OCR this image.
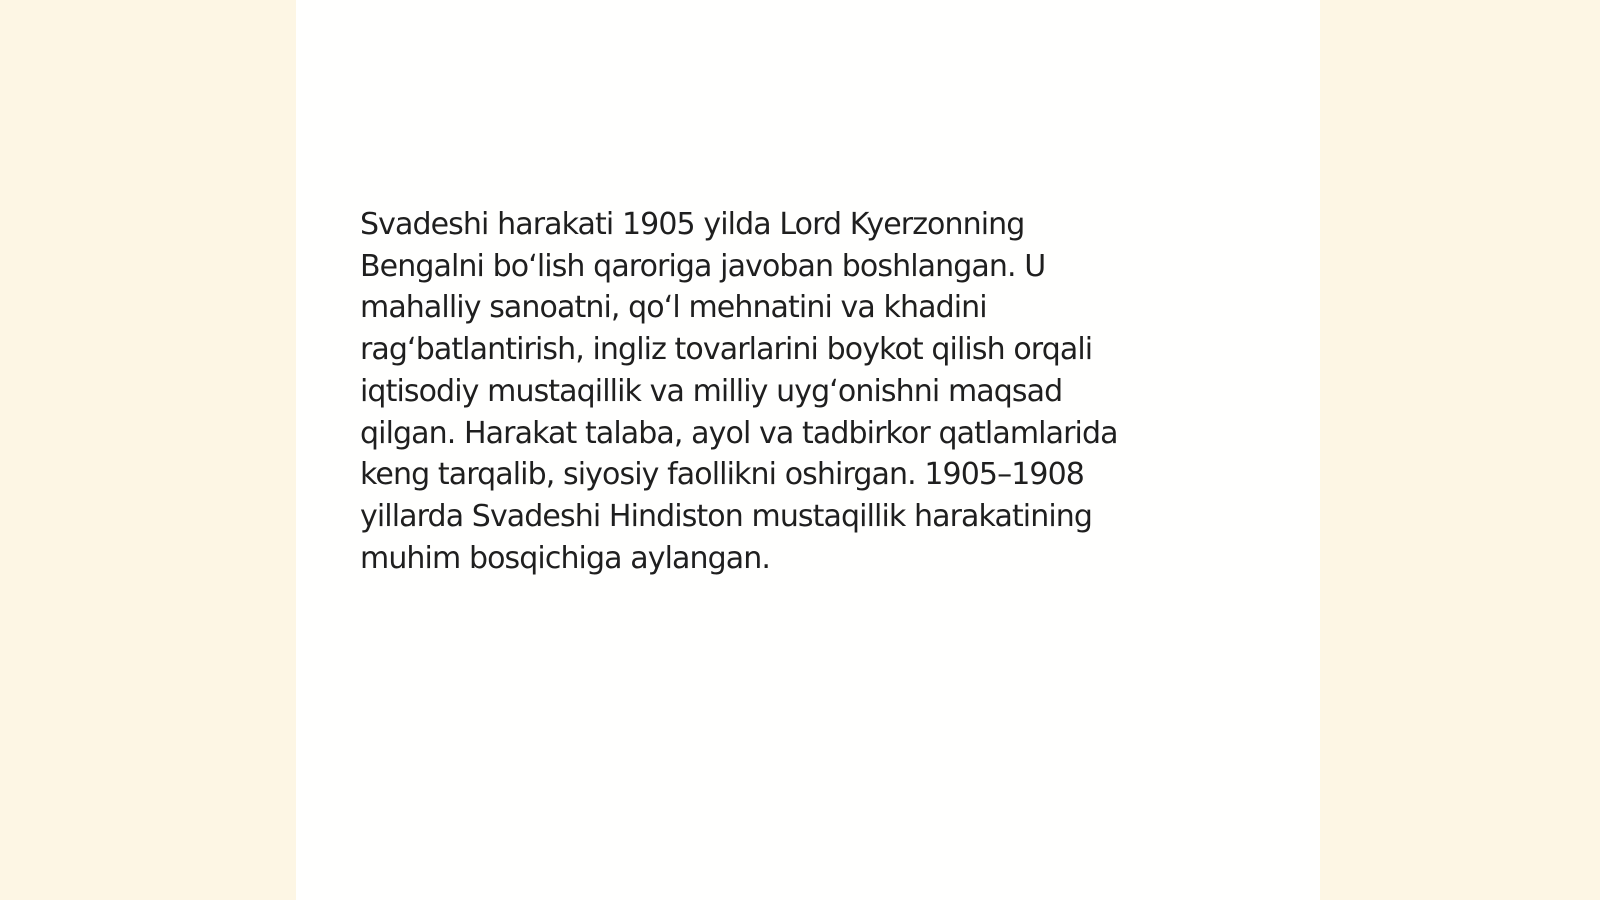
Svadeshi harakati 1905 yilda Lord Kyerzonning
Bengalni boʻlish qaroriga javoban boshlangan. U
mahalliy sanoatni, qoʻl mehnatini va khadini
ragʻbatlantirish, ingliz tovarlarini boykot qilish orqali
iqtisodiy mustaqillik va milliy uygʻonishni maqsad
qilgan. Harakat talaba, ayol va tadbirkor qatlamlarida
keng tarqalib, siyosiy faollikni oshirgan. 1905–1908
yillarda Svadeshi Hindiston mustaqillik harakatining
muhim bosqichiga aylangan.
